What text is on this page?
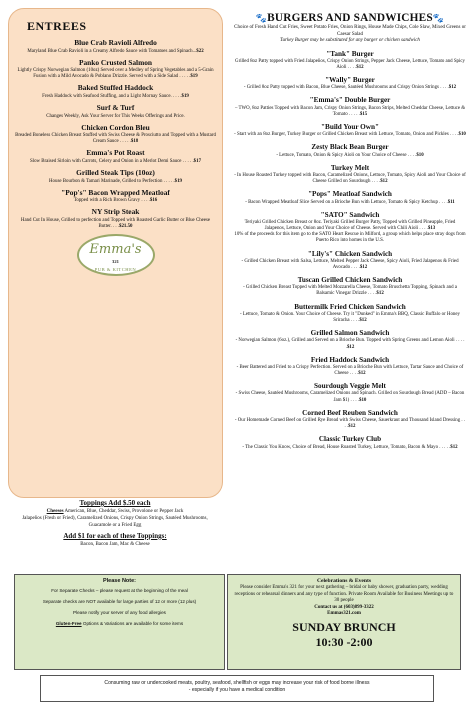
ENTREES
Blue Crab Ravioli Alfredo
Maryland Blue Crab Ravioli in a Creamy Alfredo Sauce with Tomatoes and Spinach...$22
Panko Crusted Salmon
Lightly Crispy Norwegian Salmon (10oz) Served over a Medley of Spring Vegetables and a 5-Grain Fusion with a Mild Avocado & Poblano Drizzle. Served with a Side Salad . . . . .$19
Baked Stuffed Haddock
Fresh Haddock with Seafood Stuffing, and a Light Mornay Sauce. . . . .$19
Surf & Turf
Changes Weekly, Ask Your Server for This Weeks Offerings and Price.
Chicken Cordon Bleu
Breaded Boneless Chicken Breast Stuffed with Swiss Cheese & Prosciutto and Topped with a Mustard Cream Sauce . . . . .$18
Emma's Pot Roast
Slow Braised Sirloin with Carrots, Celery and Onion in a Merlot Demi Sauce . . . . .$17
Grilled Steak Tips (10oz)
House Bourbon & Tamari Marinade, Grilled to Perfection . . . . .$19
"Pop's" Bacon Wrapped Meatloaf
Topped with a Rich Brown Gravy . . . .$16
NY Strip Steak
Hand Cut In House, Grilled to perfection and Topped with Roasted Garlic Butter or Blue Cheese Butter. . . .$21.50
Emma's
321
PUB & KITCHEN
Toppings Add $.50 each
Cheeses American, Blue, Cheddar, Swiss, Provolone or Pepper Jack
Jalapeños (Fresh or Fried), Caramelized Onions, Crispy Onion Strings, Sautéed Mushrooms, Guacamole or a Fried Egg
Add $1 for each of these Toppings:
Bacon, Bacon Jam, Mac & Cheese
🐾BURGERS AND SANDWICHES🐾
Choice of Fresh Hand Cut Fries, Sweet Potato Fries, Onion Rings, House Made Chips, Cole Slaw, Mixed Greens or Caesar Salad
Turkey Burger may be substituted for any burger or chicken sandwich
"Tank" Burger
Grilled 8oz Patty topped with Fried Jalapeños, Crispy Onion Strings, Pepper Jack Cheese, Lettuce, Tomato and Spicy Aioli . . . .$12
"Wally" Burger
- Grilled 8oz Patty topped with Bacon, Blue Cheese, Sautéed Mushrooms and Crispy Onion Strings . . . .$12
"Emma's" Double Burger
– TWO, 8oz Patties Topped with Bacon Jam, Crispy Onion Strings, Bacon Strips, Melted Cheddar Cheese, Lettuce & Tomato . . . . .$15
"Build Your Own"
- Start with an 8oz Burger, Turkey Burger or Grilled Chicken Breast with Lettuce, Tomato, Onion and Pickles . . . .$10
Zesty Black Bean Burger
- Lettuce, Tomato, Onion & Spicy Aioli on Your Choice of Cheese . . . .$10
Turkey Melt
- In House Roasted Turkey topped with Bacon, Caramelized Onions, Lettuce, Tomato, Spicy Aioli and Your Choice of Cheese Grilled on Sourdough . . . .$12
"Pops" Meatloaf Sandwich
- Bacon Wrapped Meatloaf Slice Served on a Brioche Bun with Lettuce, Tomato & Spicy Ketchup . . . .$11
"SATO" Sandwich
Teriyaki Grilled Chicken Breast or 8oz. Teriyaki Grilled Burger Patty, Topped with Grilled Pineapple, Fried Jalapenos, Lettuce, Onion and Your Choice of Cheese. Served with Chili Aioli . . . .$13
10% of the proceeds for this item go to the SATO Heart Rescue in Milford, a group which helps place stray dogs from Puerto Rico into homes in the U.S.
"Lily's" Chicken Sandwich
- Grilled Chicken Breast with Salsa, Lettuce, Melted Pepper Jack Cheese, Spicy Aioli, Fried Jalapenos & Fried Avocado . . . .$12
Tuscan Grilled Chicken Sandwich
- Grilled Chicken Breast Topped with Melted Mozzarella Cheese, Tomato Bruschetta Topping, Spinach and a Balsamic Vinegar Drizzle . . . .$12
Buttermilk Fried Chicken Sandwich
- Lettuce, Tomato & Onion. Your Choice of Cheese. Try it "Dunked" in Emma's BBQ, Classic Buffalo or Honey Sriracha . . . .$12
Grilled Salmon Sandwich
- Norwegian Salmon (6oz.), Grilled and Served on a Brioche Bun. Topped with Spring Greens and Lemon Aioli . . . . .$12
Fried Haddock Sandwich
- Beer Battered and Fried to a Crispy Perfection. Served on a Brioche Bun with Lettuce, Tartar Sauce and Choice of Cheese . . . .$12
Sourdough Veggie Melt
- Swiss Cheese, Sautéed Mushrooms, Caramelized Onions and Spinach. Grilled on Sourdough Bread (ADD – Bacon Jam $1) . . . .$10
Corned Beef Reuben Sandwich
- Our Homemade Corned Beef on Grilled Rye Bread with Swiss Cheese, Sauerkraut and Thousand Island Dressing . . . .$12
Classic Turkey Club
- The Classic You Know, Choice of Bread, House Roasted Turkey, Lettuce, Tomato, Bacon & Mayo . . . . .$12
Please Note:

For Separate Checks – please request at the beginning of the meal

Separate checks are NOT available for large parties of 12 or more (12 plus)

Please notify your server of any food allergies

Gluten-Free Options & Variations are available for some items

Celebrations & Events
Please consider Emma's 321 for your next gathering – bridal or baby shower, graduation party, wedding receptions or rehearsal dinners and any type of function. Private Room Available for Business Meetings up to 30 people
Contact us at (603)899-3322
Emmas321.com
SUNDAY BRUNCH
10:30 -2:00
Consuming raw or undercooked meats, poultry, seafood, shellfish or eggs may increase your risk of food borne illness
- especially if you have a medical condition
